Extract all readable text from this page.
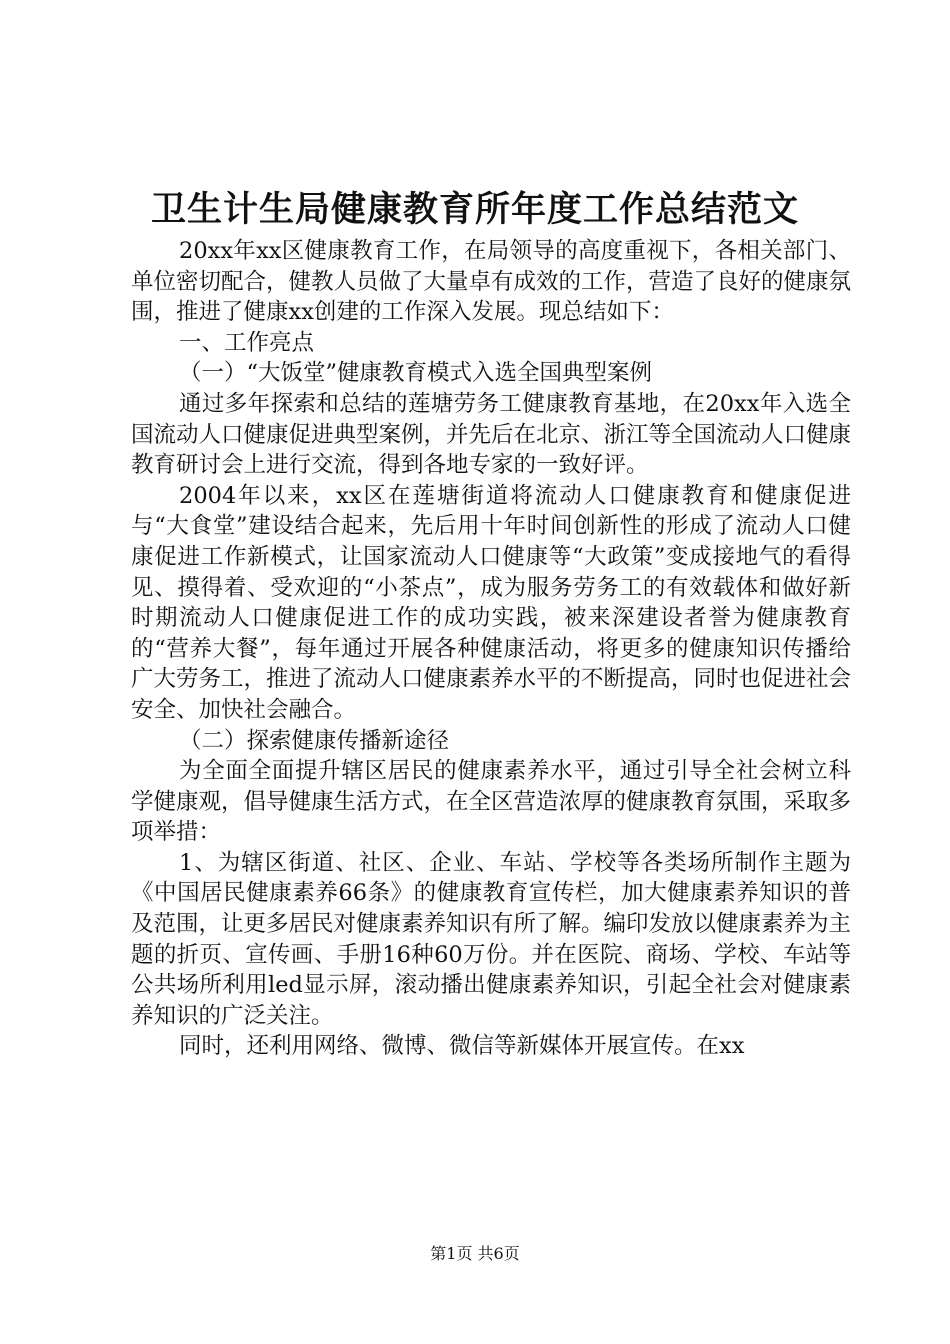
卫生计生局健康教育所年度工作总结范文

20xx年xx区健康教育工作，在局领导的高度重视下，各相关部门、单位密切配合，健教人员做了大量卓有成效的工作，营造了良好的健康氛围，推进了健康xx创建的工作深入发展。现总结如下：

一、工作亮点

（一）“大饭堂”健康教育模式入选全国典型案例

通过多年探索和总结的莲塘劳务工健康教育基地，在20xx年入选全国流动人口健康促进典型案例，并先后在北京、浙江等全国流动人口健康教育研讨会上进行交流，得到各地专家的一致好评。

2004年以来，xx区在莲塘街道将流动人口健康教育和健康促进与“大食堂”建设结合起来，先后用十年时间创新性的形成了流动人口健康促进工作新模式，让国家流动人口健康等“大政策”变成接地气的看得见、摸得着、受欢迎的“小茶点”，成为服务劳务工的有效载体和做好新时期流动人口健康促进工作的成功实践，被来深建设者誉为健康教育的“营养大餐”，每年通过开展各种健康活动，将更多的健康知识传播给广大劳务工，推进了流动人口健康素养水平的不断提高，同时也促进社会安全、加快社会融合。

（二）探索健康传播新途径

为全面全面提升辖区居民的健康素养水平，通过引导全社会树立科学健康观，倡导健康生活方式，在全区营造浓厚的健康教育氛围，采取多项举措：

1、为辖区街道、社区、企业、车站、学校等各类场所制作主题为《中国居民健康素养66条》的健康教育宣传栏，加大健康素养知识的普及范围，让更多居民对健康素养知识有所了解。编印发放以健康素养为主题的折页、宣传画、手册16种60万份。并在医院、商场、学校、车站等公共场所利用led显示屏，滚动播出健康素养知识，引起全社会对健康素养知识的广泛关注。

同时，还利用网络、微博、微信等新媒体开展宣传。在xx

第1页 共6页
